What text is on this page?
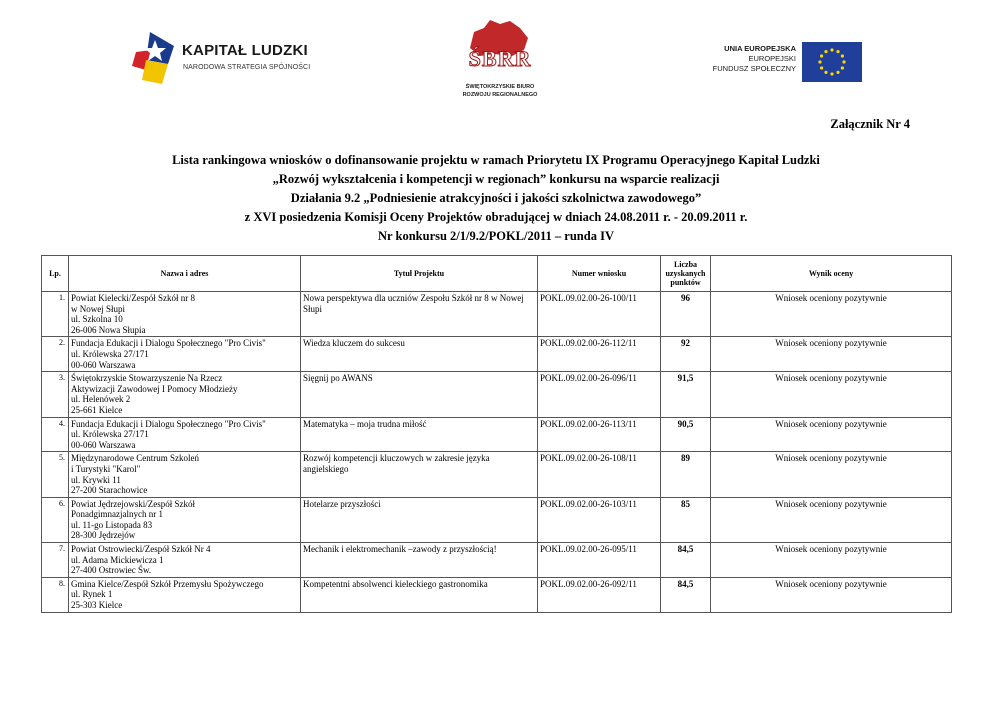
KAPITAŁ LUDZKI
NARODOWA STRATEGIA SPÓJNOŚCI	ŚBRR
ŚWIĘTOKRZYSKIE BIURO
ROZWOJU REGIONALNEGO
UNIA EUROPEJSKA
EUROPEJSKI
FUNDUSZ SPOŁECZNY
Załącznik Nr 4
Lista rankingowa wniosków o dofinansowanie projektu w ramach Priorytetu IX Programu Operacyjnego Kapitał Ludzki
„Rozwój wykształcenia i kompetencji w regionach” konkursu na wsparcie realizacji
Działania 9.2 „Podniesienie atrakcyjności i jakości szkolnictwa zawodowego”
z XVI posiedzenia Komisji Oceny Projektów obradującej w dniach 24.08.2011 r. - 20.09.2011 r.
Nr konkursu 2/1/9.2/POKL/2011 – runda IV
Lp.	Nazwa i adres	Tytuł Projektu	Numer wniosku	Liczba
uzyskanych
punktów	Wynik oceny
1.	Powiat Kielecki/Zespół Szkół nr 8
w Nowej Słupi
ul. Szkolna 10
26-006 Nowa Słupia	Nowa perspektywa dla uczniów Zespołu Szkół nr 8 w Nowej Słupi	POKL.09.02.00-26-100/11	96	Wniosek oceniony pozytywnie
2.	Fundacja Edukacji i Dialogu Społecznego "Pro Civis"
ul. Królewska 27/171
00-060 Warszawa	Wiedza kluczem do sukcesu	POKL.09.02.00-26-112/11	92	Wniosek oceniony pozytywnie
3.	Świętokrzyskie Stowarzyszenie Na Rzecz
Aktywizacji Zawodowej I Pomocy Młodzieży
ul. Helenówek 2
25-661 Kielce	Sięgnij po AWANS	POKL.09.02.00-26-096/11	91,5	Wniosek oceniony pozytywnie
4.	Fundacja Edukacji i Dialogu Społecznego "Pro Civis"
ul. Królewska 27/171
00-060 Warszawa	Matematyka – moja trudna miłość	POKL.09.02.00-26-113/11	90,5	Wniosek oceniony pozytywnie
5.	Międzynarodowe Centrum Szkoleń
i Turystyki "Karol"
ul. Krywki 11
27-200 Starachowice	Rozwój kompetencji kluczowych w zakresie języka angielskiego	POKL.09.02.00-26-108/11	89	Wniosek oceniony pozytywnie
6.	Powiat Jędrzejowski/Zespół Szkół
Ponadgimnazjalnych nr 1
ul. 11-go Listopada 83
28-300 Jędrzejów	Hotelarze przyszłości	POKL.09.02.00-26-103/11	85	Wniosek oceniony pozytywnie
7.	Powiat Ostrowiecki/Zespół Szkół Nr 4
ul. Adama Mickiewicza 1
27-400 Ostrowiec Św.	Mechanik i elektromechanik –zawody z przyszłością!	POKL.09.02.00-26-095/11	84,5	Wniosek oceniony pozytywnie
8.	Gmina Kielce/Zespół Szkół Przemysłu Spożywczego
ul. Rynek 1
25-303 Kielce	Kompetentni absolwenci kieleckiego gastronomika	POKL.09.02.00-26-092/11	84,5	Wniosek oceniony pozytywnie
